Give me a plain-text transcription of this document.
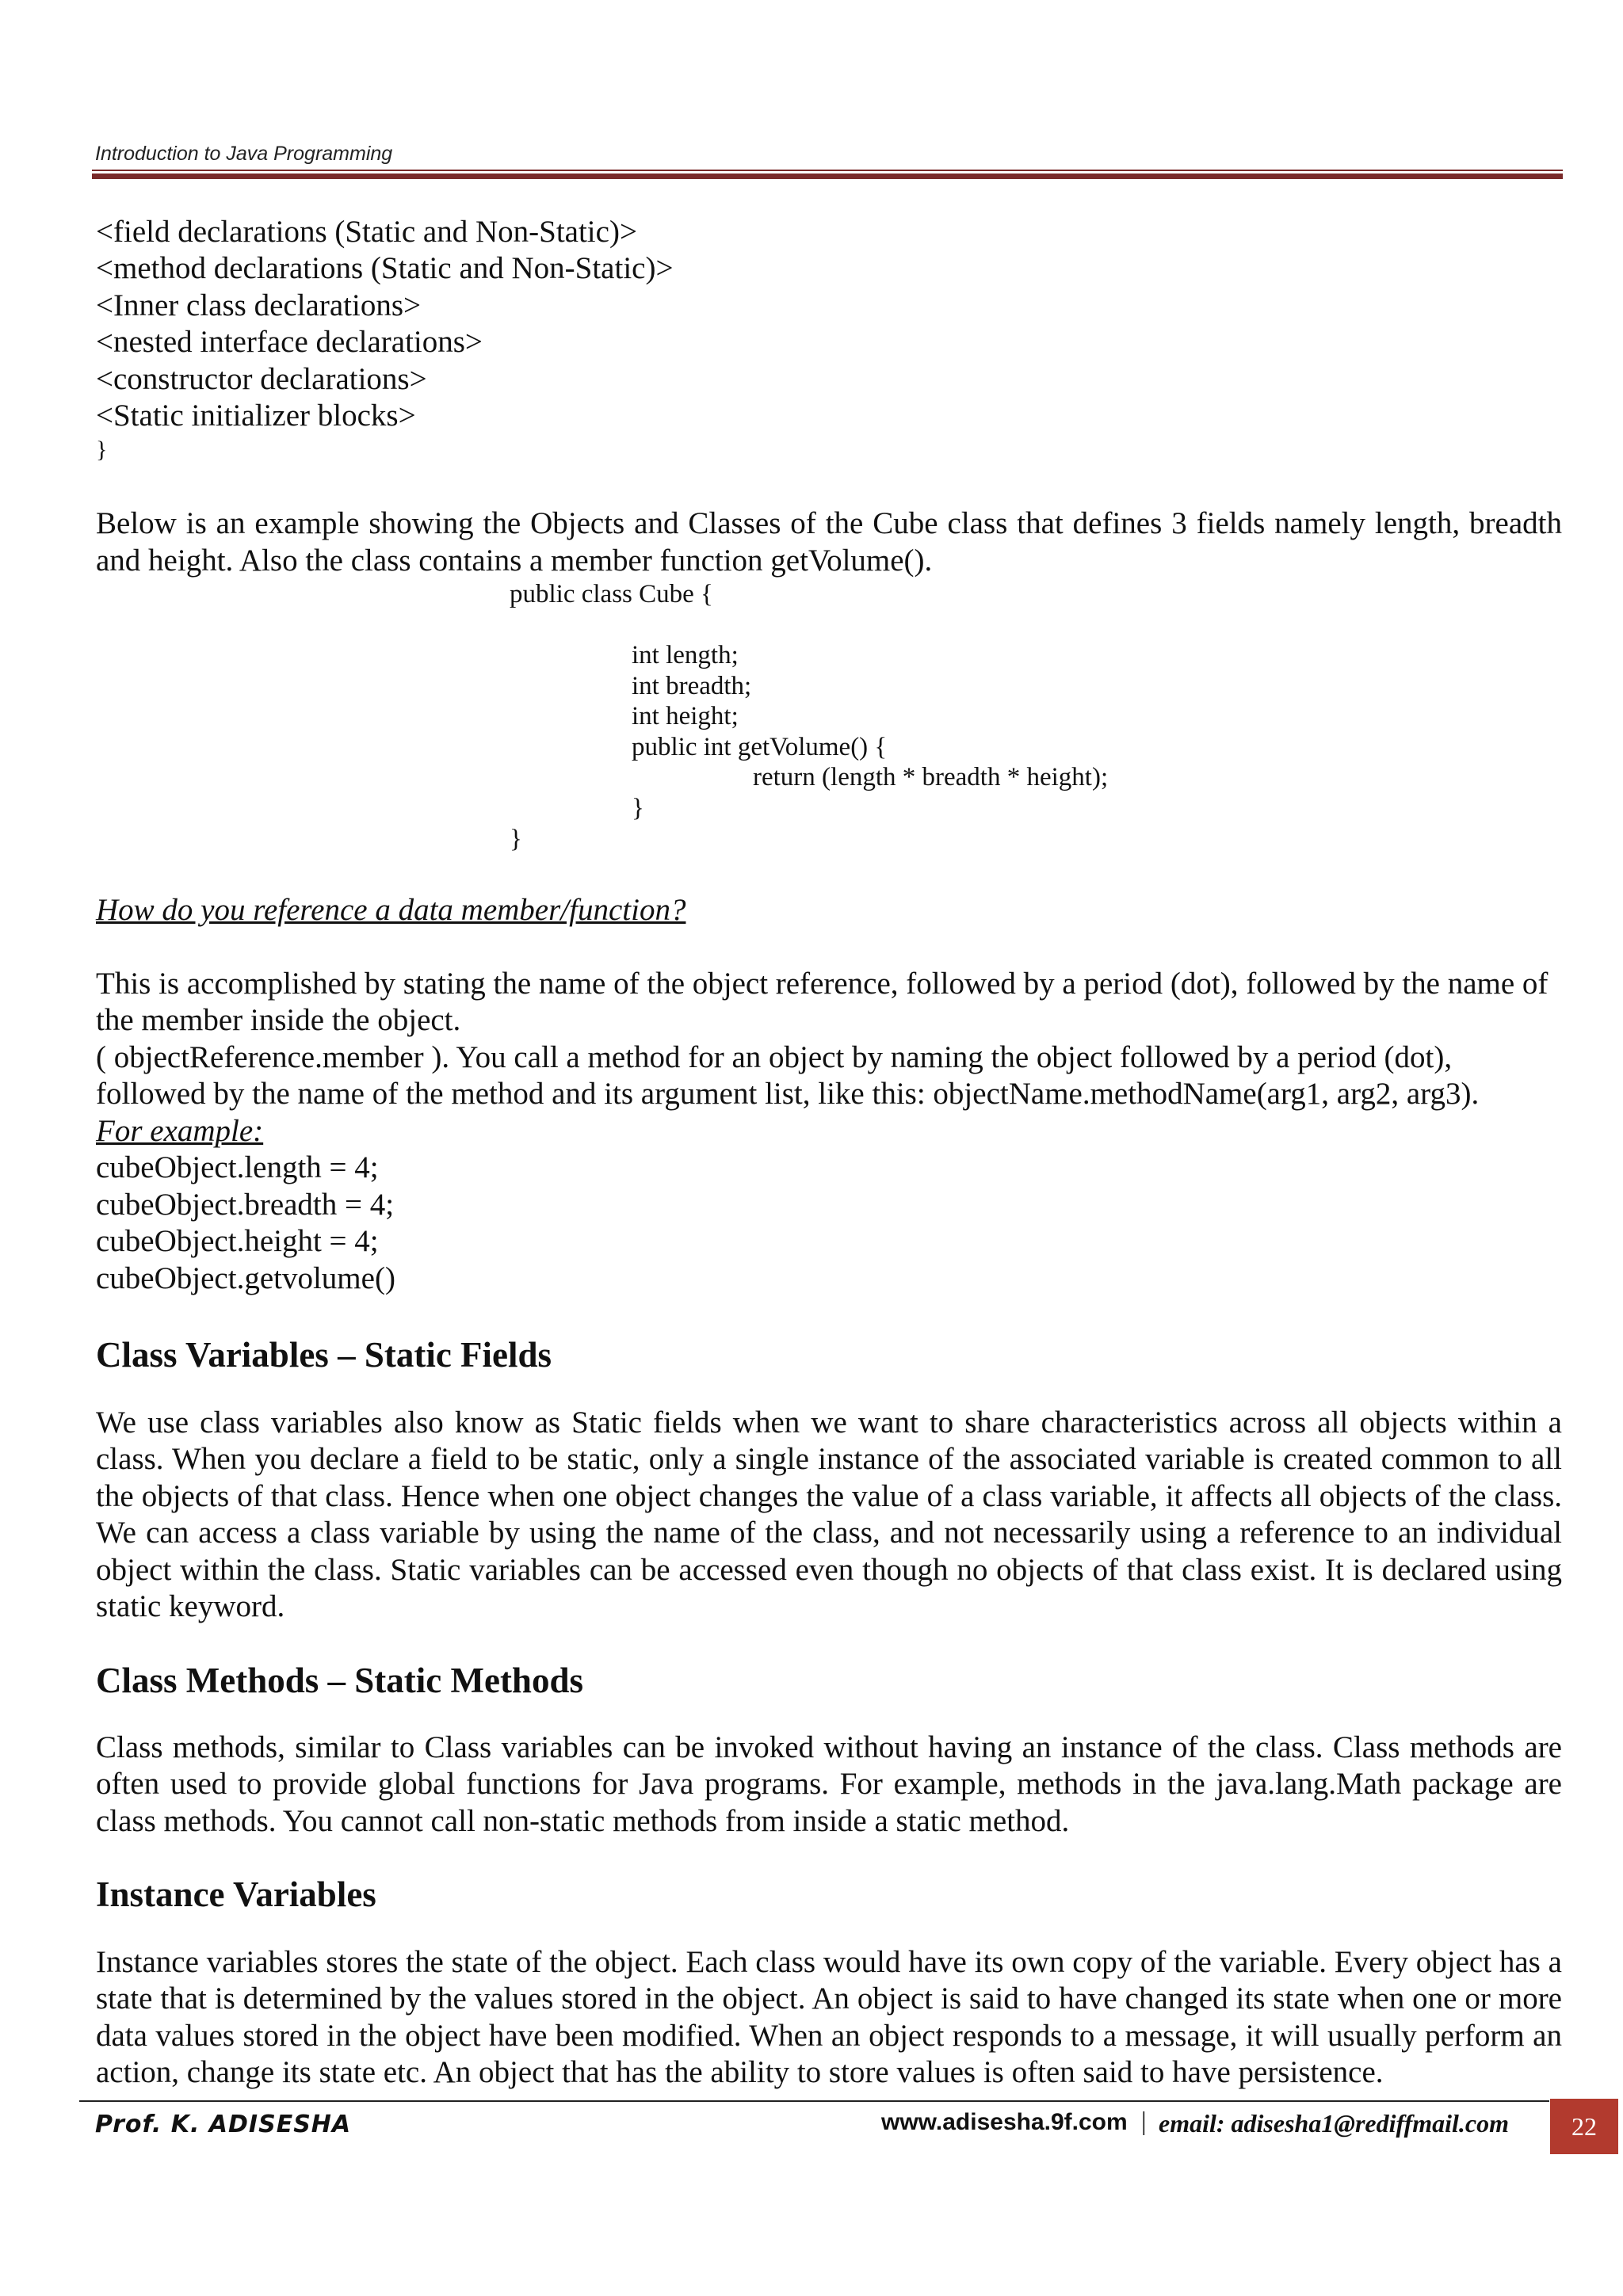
Introduction to Java Programming

<field declarations (Static and Non-Static)>

<method declarations (Static and Non-Static)>

<Inner class declarations>

<nested interface declarations>

<constructor declarations>

<Static initializer blocks>

}

Below is an example showing the Objects and Classes of the Cube class that defines 3 fields namely length, breadth and height. Also the class contains a member function getVolume().

public class Cube {
int length;
int breadth;
int height;
public int getVolume() {
return (length * breadth * height);
}
}

How do you reference a data member/function?

This is accomplished by stating the name of the object reference, followed by a period (dot), followed by the name of the member inside the object.

( objectReference.member ). You call a method for an object by naming the object followed by a period (dot), followed by the name of the method and its argument list, like this: objectName.methodName(arg1, arg2, arg3).

For example:

cubeObject.length = 4;

cubeObject.breadth = 4;

cubeObject.height = 4;

cubeObject.getvolume()

Class Variables – Static Fields

We use class variables also know as Static fields when we want to share characteristics across all objects within a class. When you declare a field to be static, only a single instance of the associated variable is created common to all the objects of that class. Hence when one object changes the value of a class variable, it affects all objects of the class. We can access a class variable by using the name of the class, and not necessarily using a reference to an individual object within the class. Static variables can be accessed even though no objects of that class exist. It is declared using static keyword.

Class Methods – Static Methods

Class methods, similar to Class variables can be invoked without having an instance of the class. Class methods are often used to provide global functions for Java programs. For example, methods in the java.lang.Math package are class methods. You cannot call non-static methods from inside a static method.

Instance Variables

Instance variables stores the state of the object. Each class would have its own copy of the variable. Every object has a state that is determined by the values stored in the object. An object is said to have changed its state when one or more data values stored in the object have been modified. When an object responds to a message, it will usually perform an action, change its state etc. An object that has the ability to store values is often said to have persistence.

Prof. K. ADISESHA	www.adisesha.9f.com | email: adisesha1@rediffmail.com	22
